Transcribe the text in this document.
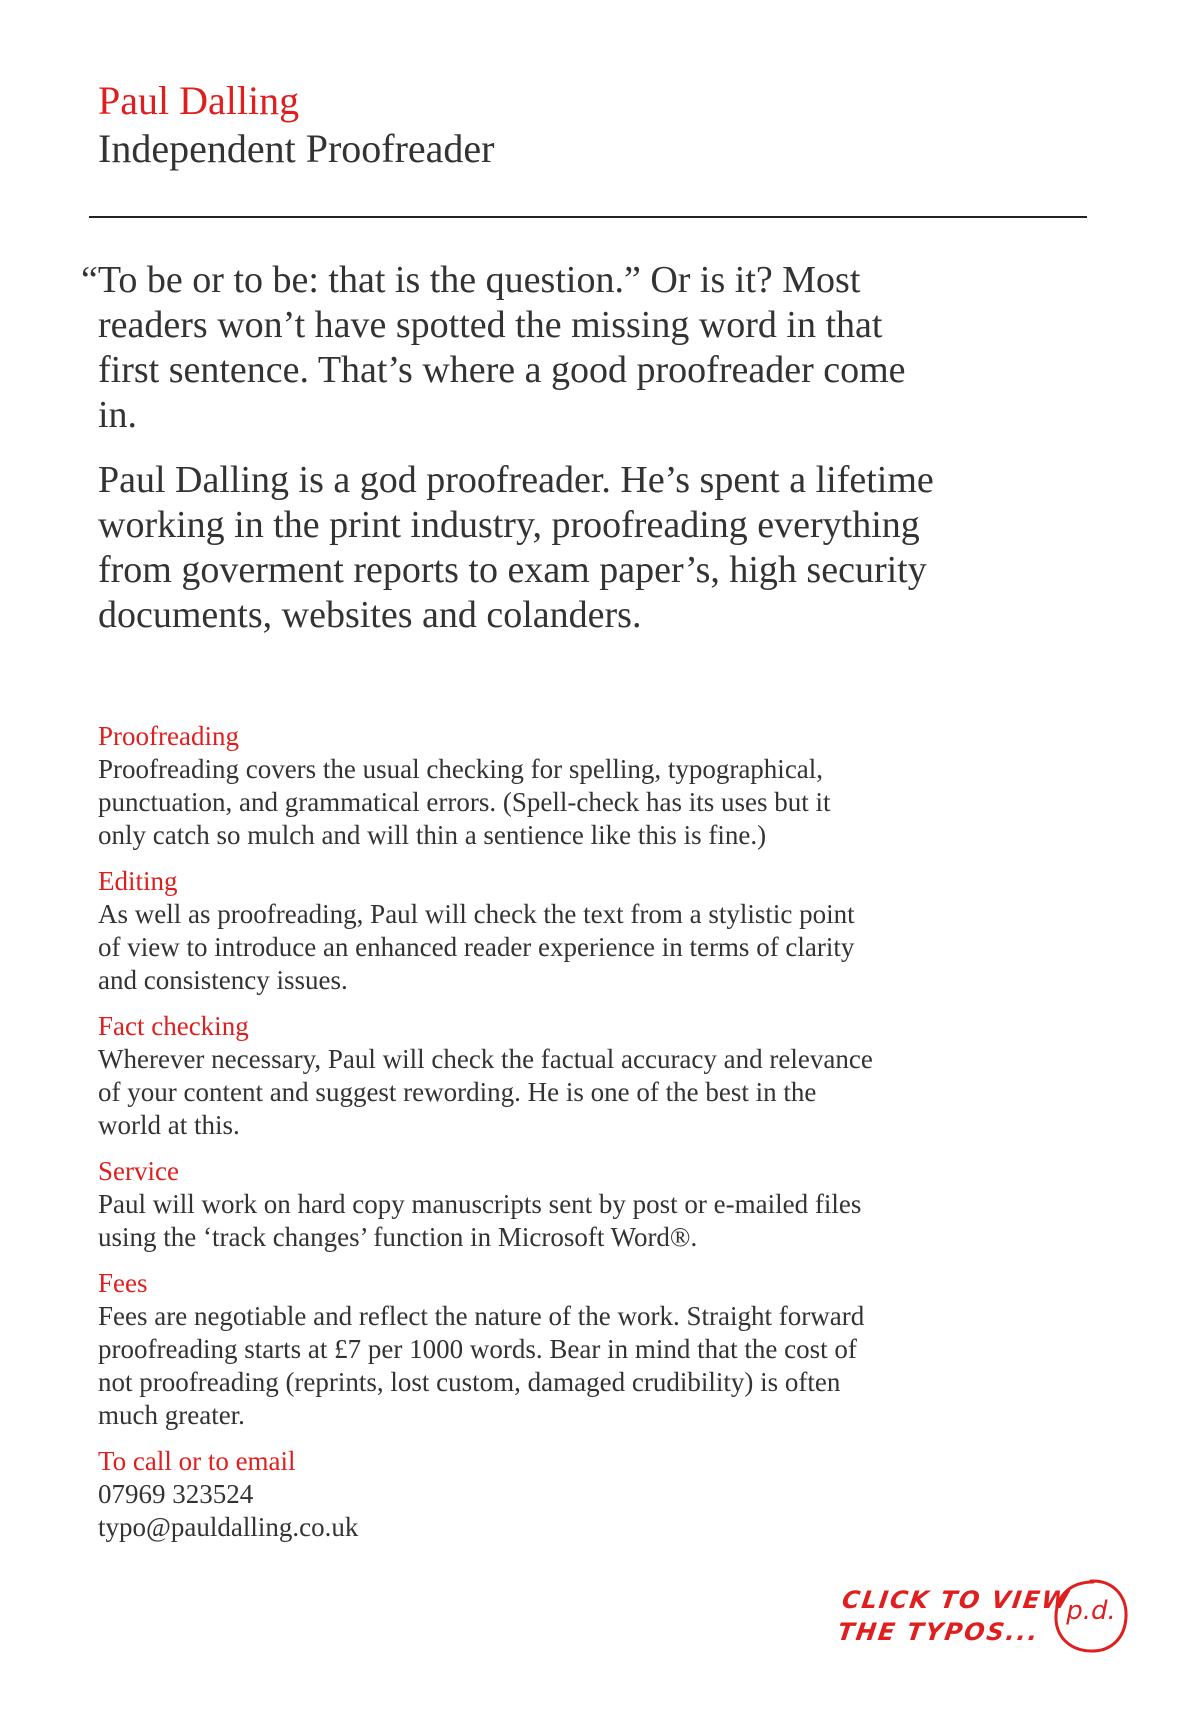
Paul Dalling
Independent Proofreader

“To be or to be: that is the question.” Or is it? Most readers won’t have spotted the missing word in that first sentence. That’s where a good proofreader come in.

Paul Dalling is a god proofreader. He’s spent a lifetime working in the print industry, proofreading everything from goverment reports to exam paper’s, high security documents, websites and colanders.

Proofreading

Proofreading covers the usual checking for spelling, typographical, punctuation, and grammatical errors. (Spell-check has its uses but it only catch so mulch and will thin a sentience like this is fine.)

Editing

As well as proofreading, Paul will check the text from a stylistic point of view to introduce an enhanced reader experience in terms of clarity and consistency issues.

Fact checking

Wherever necessary, Paul will check the factual accuracy and relevance of your content and suggest rewording. He is one of the best in the world at this.

Service

Paul will work on hard copy manuscripts sent by post or e-mailed files using the ‘track changes’ function in Microsoft Word®.

Fees

Fees are negotiable and reflect the nature of the work. Straight forward proofreading starts at £7 per 1000 words. Bear in mind that the cost of not proofreading (reprints, lost custom, damaged crudibility) is often much greater.

To call or to email

07969 323524
typo@pauldalling.co.uk
CLICK TO VIEW
THE TYPOS...
p.d.
